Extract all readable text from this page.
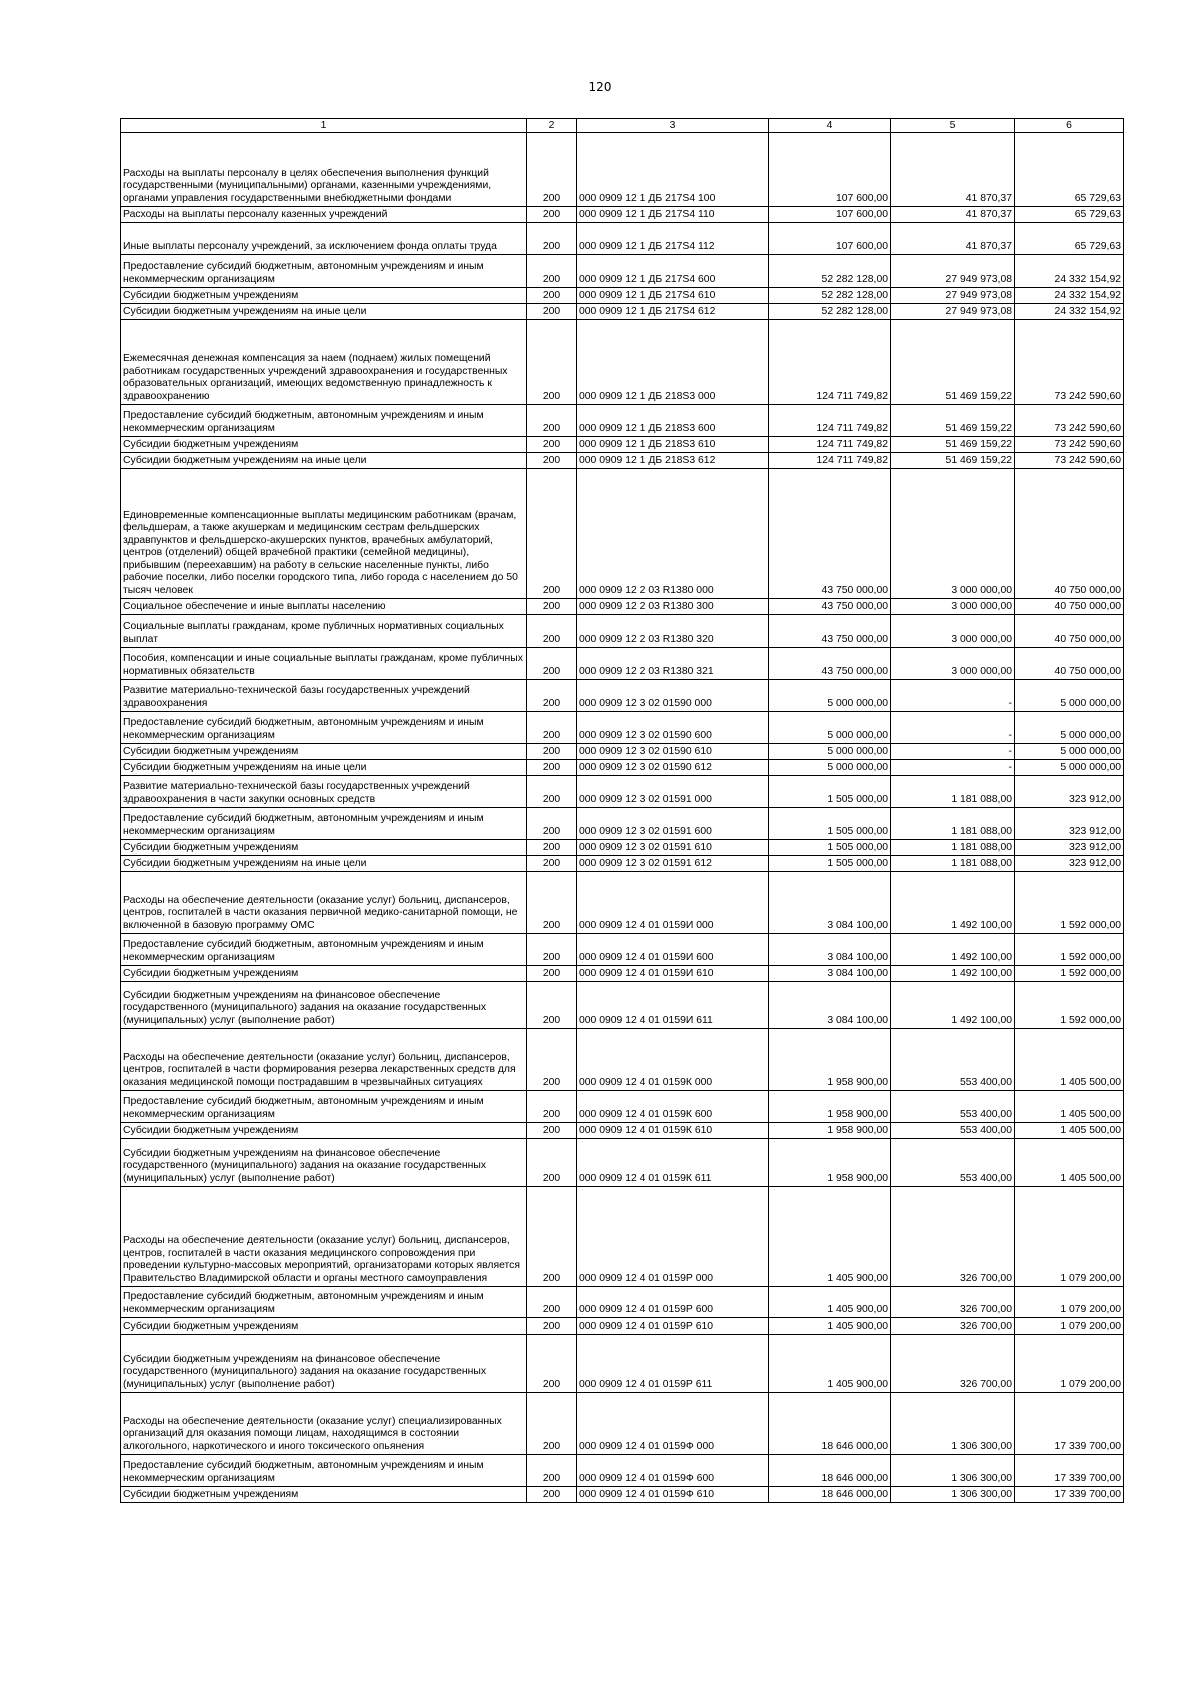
120
1	2	3	4	5	6
Расходы на выплаты персоналу в целях обеспечения выполнения функций государственными (муниципальными) органами, казенными учреждениями, органами управления государственными внебюджетными фондами	200	000 0909 12 1 ДБ 217S4 100	107 600,00	41 870,37	65 729,63
Расходы на выплаты персоналу казенных учреждений	200	000 0909 12 1 ДБ 217S4 110	107 600,00	41 870,37	65 729,63
Иные выплаты персоналу учреждений, за исключением фонда оплаты труда	200	000 0909 12 1 ДБ 217S4 112	107 600,00	41 870,37	65 729,63
Предоставление субсидий бюджетным, автономным учреждениям и иным некоммерческим организациям	200	000 0909 12 1 ДБ 217S4 600	52 282 128,00	27 949 973,08	24 332 154,92
Субсидии бюджетным учреждениям	200	000 0909 12 1 ДБ 217S4 610	52 282 128,00	27 949 973,08	24 332 154,92
Субсидии бюджетным учреждениям на иные цели	200	000 0909 12 1 ДБ 217S4 612	52 282 128,00	27 949 973,08	24 332 154,92
Ежемесячная денежная компенсация за наем (поднаем) жилых помещений работникам государственных учреждений здравоохранения и государственных образовательных организаций, имеющих ведомственную принадлежность к здравоохранению	200	000 0909 12 1 ДБ 218S3 000	124 711 749,82	51 469 159,22	73 242 590,60
Предоставление субсидий бюджетным, автономным учреждениям и иным некоммерческим организациям	200	000 0909 12 1 ДБ 218S3 600	124 711 749,82	51 469 159,22	73 242 590,60
Субсидии бюджетным учреждениям	200	000 0909 12 1 ДБ 218S3 610	124 711 749,82	51 469 159,22	73 242 590,60
Субсидии бюджетным учреждениям на иные цели	200	000 0909 12 1 ДБ 218S3 612	124 711 749,82	51 469 159,22	73 242 590,60
Единовременные компенсационные выплаты медицинским работникам (врачам, фельдшерам, а также акушеркам и медицинским сестрам фельдшерских здравпунктов и фельдшерско-акушерских пунктов, врачебных амбулаторий, центров (отделений) общей врачебной практики (семейной медицины), прибывшим (переехавшим) на работу в сельские населенные пункты, либо рабочие поселки, либо поселки городского типа, либо города с населением до 50 тысяч человек	200	000 0909 12 2 03 R1380 000	43 750 000,00	3 000 000,00	40 750 000,00
Социальное обеспечение и иные выплаты населению	200	000 0909 12 2 03 R1380 300	43 750 000,00	3 000 000,00	40 750 000,00
Социальные выплаты гражданам, кроме публичных нормативных социальных выплат	200	000 0909 12 2 03 R1380 320	43 750 000,00	3 000 000,00	40 750 000,00
Пособия, компенсации и иные социальные выплаты гражданам, кроме публичных нормативных обязательств	200	000 0909 12 2 03 R1380 321	43 750 000,00	3 000 000,00	40 750 000,00
Развитие материально-технической базы государственных учреждений здравоохранения	200	000 0909 12 3 02 01590 000	5 000 000,00	-	5 000 000,00
Предоставление субсидий бюджетным, автономным учреждениям и иным некоммерческим организациям	200	000 0909 12 3 02 01590 600	5 000 000,00	-	5 000 000,00
Субсидии бюджетным учреждениям	200	000 0909 12 3 02 01590 610	5 000 000,00	-	5 000 000,00
Субсидии бюджетным учреждениям на иные цели	200	000 0909 12 3 02 01590 612	5 000 000,00	-	5 000 000,00
Развитие материально-технической базы государственных учреждений здравоохранения в части закупки основных средств	200	000 0909 12 3 02 01591 000	1 505 000,00	1 181 088,00	323 912,00
Предоставление субсидий бюджетным, автономным учреждениям и иным некоммерческим организациям	200	000 0909 12 3 02 01591 600	1 505 000,00	1 181 088,00	323 912,00
Субсидии бюджетным учреждениям	200	000 0909 12 3 02 01591 610	1 505 000,00	1 181 088,00	323 912,00
Субсидии бюджетным учреждениям на иные цели	200	000 0909 12 3 02 01591 612	1 505 000,00	1 181 088,00	323 912,00
Расходы на обеспечение деятельности (оказание услуг) больниц, диспансеров, центров, госпиталей в части оказания первичной медико-санитарной помощи, не включенной в базовую программу ОМС	200	000 0909 12 4 01 0159И 000	3 084 100,00	1 492 100,00	1 592 000,00
Предоставление субсидий бюджетным, автономным учреждениям и иным некоммерческим организациям	200	000 0909 12 4 01 0159И 600	3 084 100,00	1 492 100,00	1 592 000,00
Субсидии бюджетным учреждениям	200	000 0909 12 4 01 0159И 610	3 084 100,00	1 492 100,00	1 592 000,00
Субсидии бюджетным учреждениям на финансовое обеспечение государственного (муниципального) задания на оказание государственных (муниципальных) услуг (выполнение работ)	200	000 0909 12 4 01 0159И 611	3 084 100,00	1 492 100,00	1 592 000,00
Расходы на обеспечение деятельности (оказание услуг) больниц, диспансеров, центров, госпиталей в части формирования резерва лекарственных средств для оказания медицинской помощи пострадавшим в чрезвычайных ситуациях	200	000 0909 12 4 01 0159К 000	1 958 900,00	553 400,00	1 405 500,00
Предоставление субсидий бюджетным, автономным учреждениям и иным некоммерческим организациям	200	000 0909 12 4 01 0159К 600	1 958 900,00	553 400,00	1 405 500,00
Субсидии бюджетным учреждениям	200	000 0909 12 4 01 0159К 610	1 958 900,00	553 400,00	1 405 500,00
Субсидии бюджетным учреждениям на финансовое обеспечение государственного (муниципального) задания на оказание государственных (муниципальных) услуг (выполнение работ)	200	000 0909 12 4 01 0159К 611	1 958 900,00	553 400,00	1 405 500,00
Расходы на обеспечение деятельности (оказание услуг) больниц, диспансеров, центров, госпиталей в части оказания медицинского сопровождения при проведении культурно-массовых мероприятий, организаторами которых является Правительство Владимирской области и органы местного самоуправления	200	000 0909 12 4 01 0159Р 000	1 405 900,00	326 700,00	1 079 200,00
Предоставление субсидий бюджетным, автономным учреждениям и иным некоммерческим организациям	200	000 0909 12 4 01 0159Р 600	1 405 900,00	326 700,00	1 079 200,00
Субсидии бюджетным учреждениям	200	000 0909 12 4 01 0159Р 610	1 405 900,00	326 700,00	1 079 200,00
Субсидии бюджетным учреждениям на финансовое обеспечение государственного (муниципального) задания на оказание государственных (муниципальных) услуг (выполнение работ)	200	000 0909 12 4 01 0159Р 611	1 405 900,00	326 700,00	1 079 200,00
Расходы на обеспечение деятельности (оказание услуг) специализированных организаций для оказания помощи лицам, находящимся в состоянии алкогольного, наркотического и иного токсического опьянения	200	000 0909 12 4 01 0159Ф 000	18 646 000,00	1 306 300,00	17 339 700,00
Предоставление субсидий бюджетным, автономным учреждениям и иным некоммерческим организациям	200	000 0909 12 4 01 0159Ф 600	18 646 000,00	1 306 300,00	17 339 700,00
Субсидии бюджетным учреждениям	200	000 0909 12 4 01 0159Ф 610	18 646 000,00	1 306 300,00	17 339 700,00
